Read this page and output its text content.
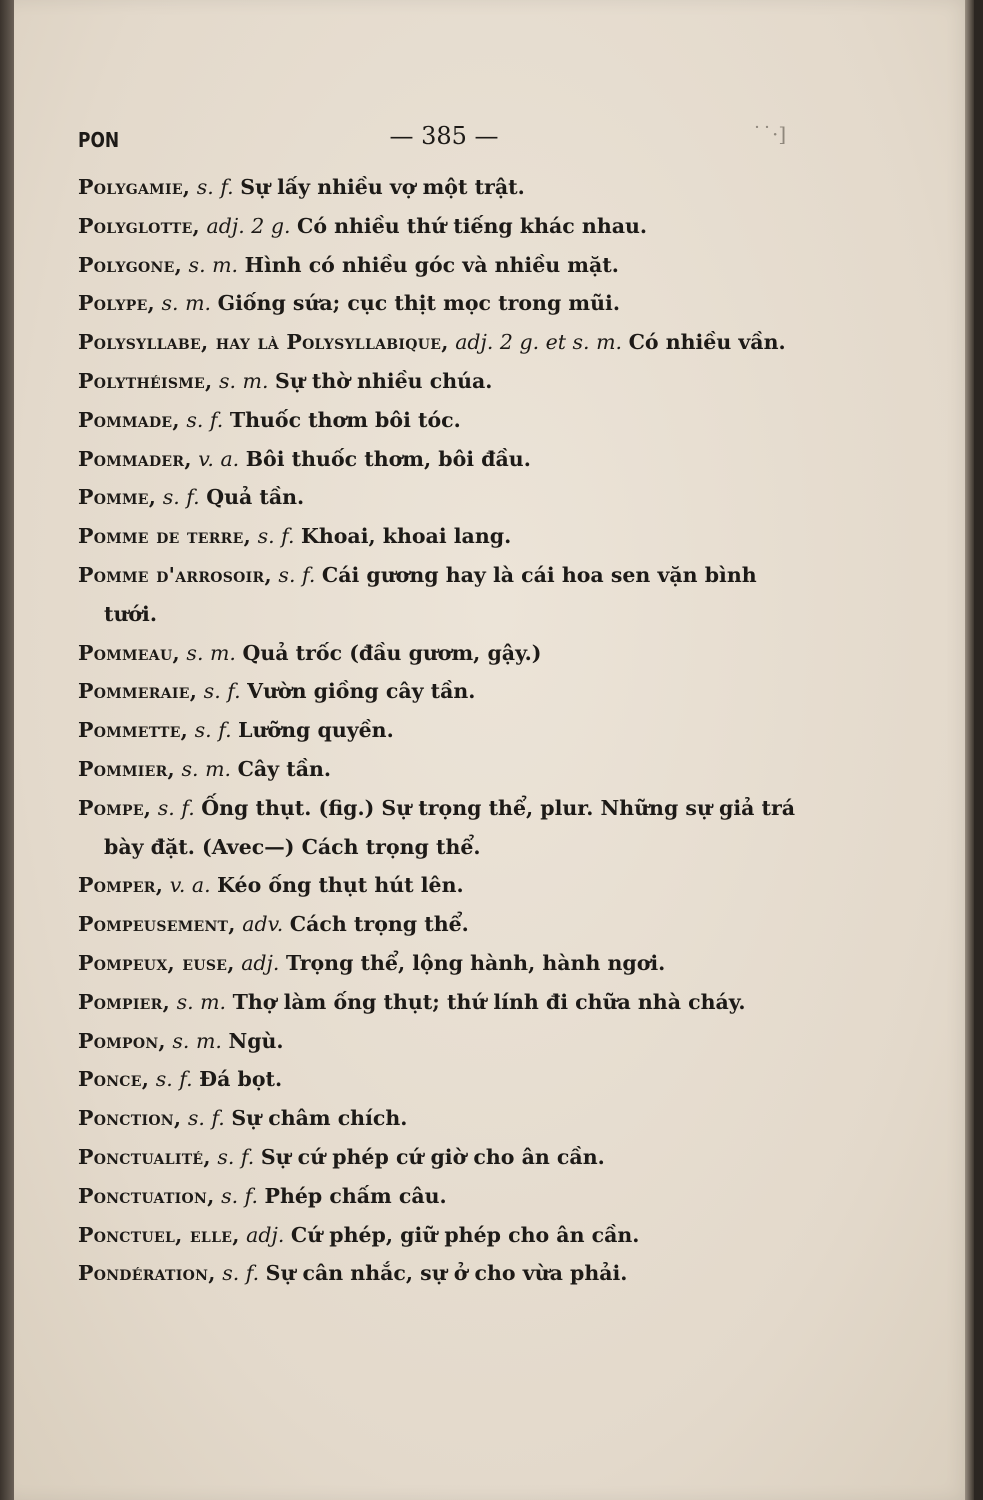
PON	— 385 —	˙˙·]
Polygamie, s. f. Sự lấy nhiều vợ một trật.
Polyglotte, adj. 2 g. Có nhiều thứ tiếng khác nhau.
Polygone, s. m. Hình có nhiều góc và nhiều mặt.
Polype, s. m. Giống sứa; cục thịt mọc trong mũi.
Polysyllabe, hay là Polysyllabique, adj. 2 g. et s. m. Có nhiều vần.
Polythéisme, s. m. Sự thờ nhiều chúa.
Pommade, s. f. Thuốc thơm bôi tóc.
Pommader, v. a. Bôi thuốc thơm, bôi đầu.
Pomme, s. f. Quả tần.
Pomme de terre, s. f. Khoai, khoai lang.
Pomme d'arrosoir, s. f. Cái gương hay là cái hoa sen vặn bình tưới.
Pommeau, s. m. Quả trốc (đầu gươm, gậy.)
Pommeraie, s. f. Vườn giồng cây tần.
Pommette, s. f. Lưỡng quyền.
Pommier, s. m. Cây tần.
Pompe, s. f. Ống thụt. (fig.) Sự trọng thể, plur. Những sự giả trá bày đặt. (Avec—) Cách trọng thể.
Pomper, v. a. Kéo ống thụt hút lên.
Pompeusement, adv. Cách trọng thể.
Pompeux, euse, adj. Trọng thể, lộng hành, hành ngơi.
Pompier, s. m. Thợ làm ống thụt; thứ lính đi chữa nhà cháy.
Pompon, s. m. Ngù.
Ponce, s. f. Đá bọt.
Ponction, s. f. Sự châm chích.
Ponctualité, s. f. Sự cứ phép cứ giờ cho ân cần.
Ponctuation, s. f. Phép chấm câu.
Ponctuel, elle, adj. Cứ phép, giữ phép cho ân cần.
Pondération, s. f. Sự cân nhắc, sự ở cho vừa phải.
